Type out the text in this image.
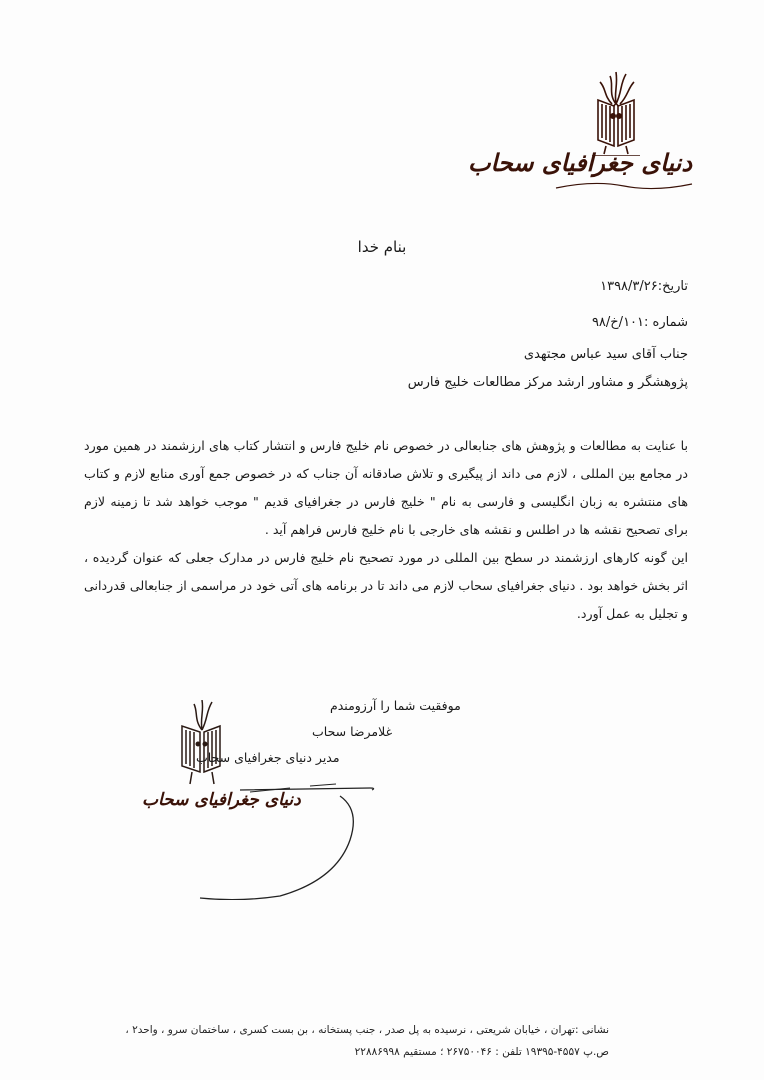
دنیای جغرافیای سحاب
بنام خدا
تاریخ:۱۳۹۸/۳/۲۶
شماره :۱۰۱/خ/۹۸
جناب آقای سید عباس مجتهدی
پژوهشگر و مشاور ارشد مرکز مطالعات خلیج فارس

با عنایت به مطالعات و پژوهش های جنابعالی در خصوص نام خلیج فارس و انتشار کتاب های ارزشمند در همین مورد در مجامع بین المللی ، لازم می داند از پیگیری و تلاش صادقانه آن جناب که در خصوص جمع آوری منابع لازم و کتاب های منتشره به زبان انگلیسی و فارسی به نام " خلیج فارس در جغرافیای قدیم " موجب خواهد شد تا زمینه لازم برای تصحیح نقشه ها در اطلس و نقشه های خارجی با نام خلیج فارس فراهم آید .

این گونه کارهای ارزشمند در سطح بین المللی در مورد تصحیح نام خلیج فارس در مدارک جعلی که عنوان گردیده ، اثر بخش خواهد بود . دنیای جغرافیای سحاب لازم می داند تا در برنامه های آتی خود در مراسمی از جنابعالی قدردانی و تجلیل به عمل آورد.

دنیای جغرافیای سحاب
موفقیت شما را آرزومندم
غلامرضا سحاب
مدیر دنیای جغرافیای سحاب
نشانی :تهران ، خیابان شریعتی ، نرسیده به پل صدر ، جنب پستخانه ، بن بست کسری ، ساختمان سرو ، واحد۲ ،
ص.پ ۴۵۵۷-۱۹۳۹۵ تلفن : ۲۶۷۵۰۰۴۶ ؛ مستقیم ۲۲۸۸۶۹۹۸
